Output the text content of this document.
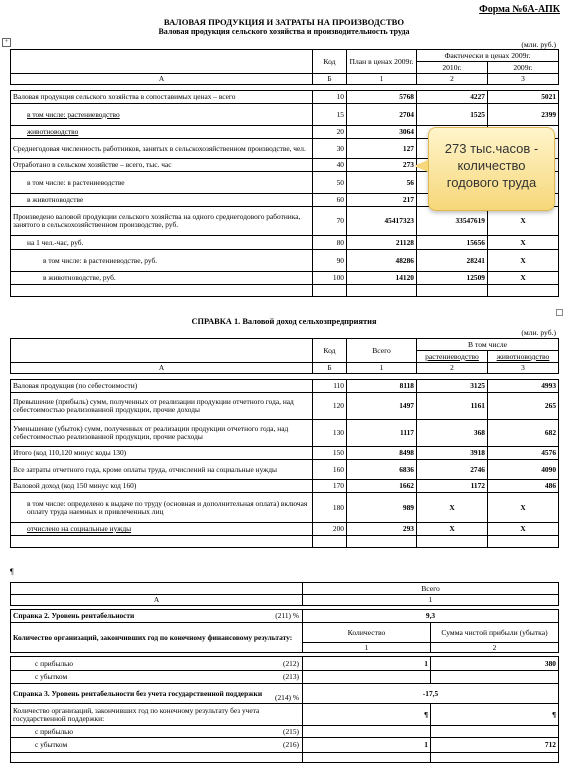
Форма №6А-АПК
ВАЛОВАЯ ПРОДУКЦИЯ И ЗАТРАТЫ НА ПРОИЗВОДСТВО
Валовая продукция сельского хозяйства и производительность труда
+	(млн. руб.)
	Код	План в ценах 2009г.	Фактически в ценах 2009г.	
			2010г.	2009г.
А	Б	1	2	3

Валовая продукция сельского хозяйства в сопоставимых ценах – всего	10	5768	4227	5021
в том числе: растениеводство	15	2704	1525	2399
животноводство	20	3064		
Среднегодовая численность работников, занятых в сельскохозяйственном производстве, чел.	30	127		
Отработано в сельском хозяйстве – всего, тыс. час	40	273		
в том числе: в растениеводстве	50	56		
в животноводстве	60	217		
Произведено валовой продукции сельского хозяйства на одного среднегодового работника, занятого в сельскохозяйственном производстве, руб.	70	45417323	33547619	X
на 1 чел.-час, руб.	80	21128	15656	X
в том числе: в растениеводстве, руб.	90	48286	28241	X
в животноводстве, руб.	100	14120	12509	X

273 тыс.часов - количество годового труда
СПРАВКА 1. Валовой доход сельхозпредприятия
(млн. руб.)
	Код	Всего	В том числе	
			растениеводство	животноводство
А	Б	1	2	3

Валовая продукция (по себестоимости)	110	8118	3125	4993
Превышение (прибыль) сумм, полученных от реализации продукции отчетного года, над себестоимостью реализованной продукции, прочие доходы	120	1497	1161	265
Уменьшение (убыток) сумм, полученных от реализации продукции отчетного года, над себестоимостью реализованной продукции, прочие расходы	130	1117	368	682
Итого (код 110,120 минус коды 130)	150	8498	3918	4576
Все затраты отчетного года, кроме оплаты труда, отчислений на социальные нужды	160	6836	2746	4090
Валовой доход (код 150 минус код 160)	170	1662	1172	486
в том числе: определено к выдаче по труду (основная и дополнительная оплата) включая оплату труда наемных и привлеченных лиц	180	989	X	X
отчислено на социальные нужды	200	293	X	X

¶
	Всего	
А	1	

Справка 2. Уровень рентабельности (211) %	9,3	
Количество организаций, закончивших год по конечному финансовому результату:	Количество	Сумма чистой прибыли (убытка)
	1	2

с прибылью (212)	1	380
с убытком (213)		

Справка 3. Уровень рентабельности без учета государственной поддержки (214) %	-17,5	
Количество организаций, закончивших год по конечному результату без учета государственной поддержки:	¶	¶
с прибылью (215)		

с убытком (216)	1	712
